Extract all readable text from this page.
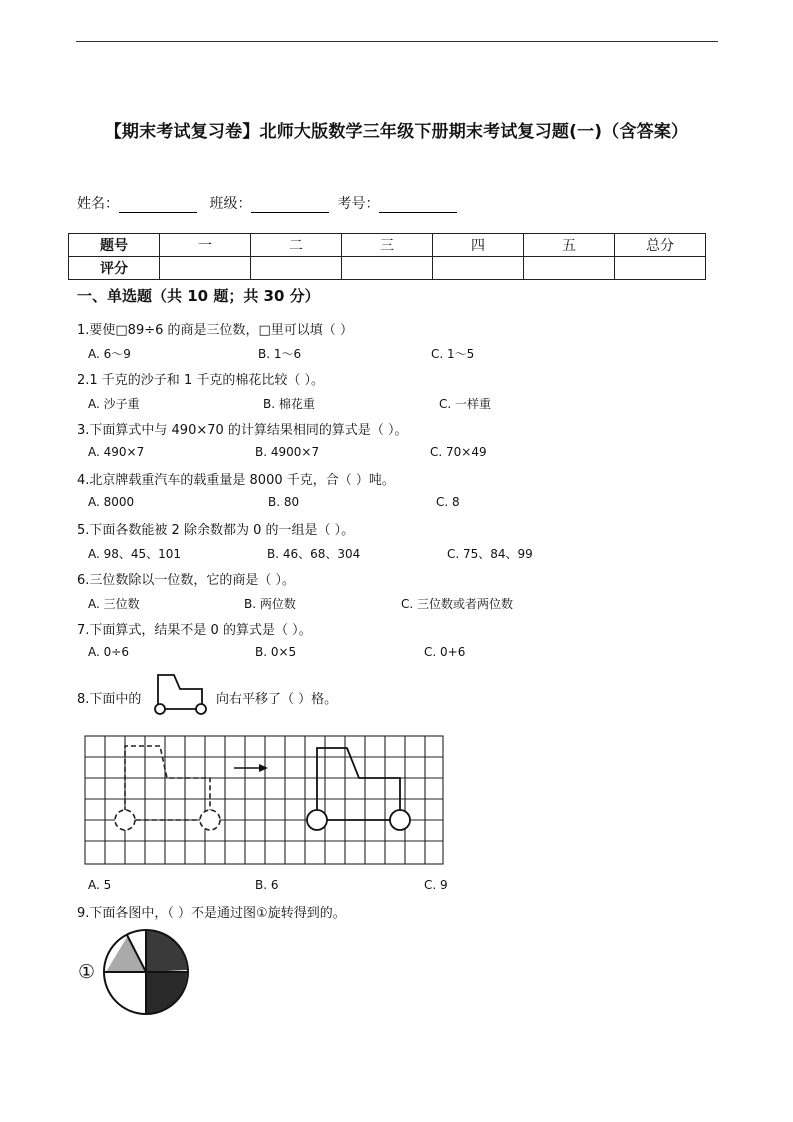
【期末考试复习卷】北师大版数学三年级下册期末考试复习题(一)（含答案）
姓名：	班级：	考号：
题号	一	二	三	四	五	总分
评分						
一、单选题（共 10 题；共 30 分）
1.要使□89÷6 的商是三位数，□里可以填（ ）
A. 6～9	B. 1～6	C. 1～5
2.1 千克的沙子和 1 千克的棉花比较（ ）。
A. 沙子重	B. 棉花重	C. 一样重
3.下面算式中与 490×70 的计算结果相同的算式是（ ）。
A. 490×7	B. 4900×7	C. 70×49
4.北京牌载重汽车的载重量是 8000 千克，合（ ）吨。
A. 8000	B. 80	C. 8
5.下面各数能被 2 除余数都为 0 的一组是（ ）。
A. 98、45、101	B. 46、68、304	C. 75、84、99
6.三位数除以一位数，它的商是（ ）。
A. 三位数	B. 两位数	C. 三位数或者两位数
7.下面算式，结果不是 0 的算式是（ ）。
A. 0÷6	B. 0×5	C. 0+6
8.下面中的	向右平移了（ ）格。
A. 5	B. 6	C. 9
9.下面各图中，（ ）不是通过图①旋转得到的。
①
